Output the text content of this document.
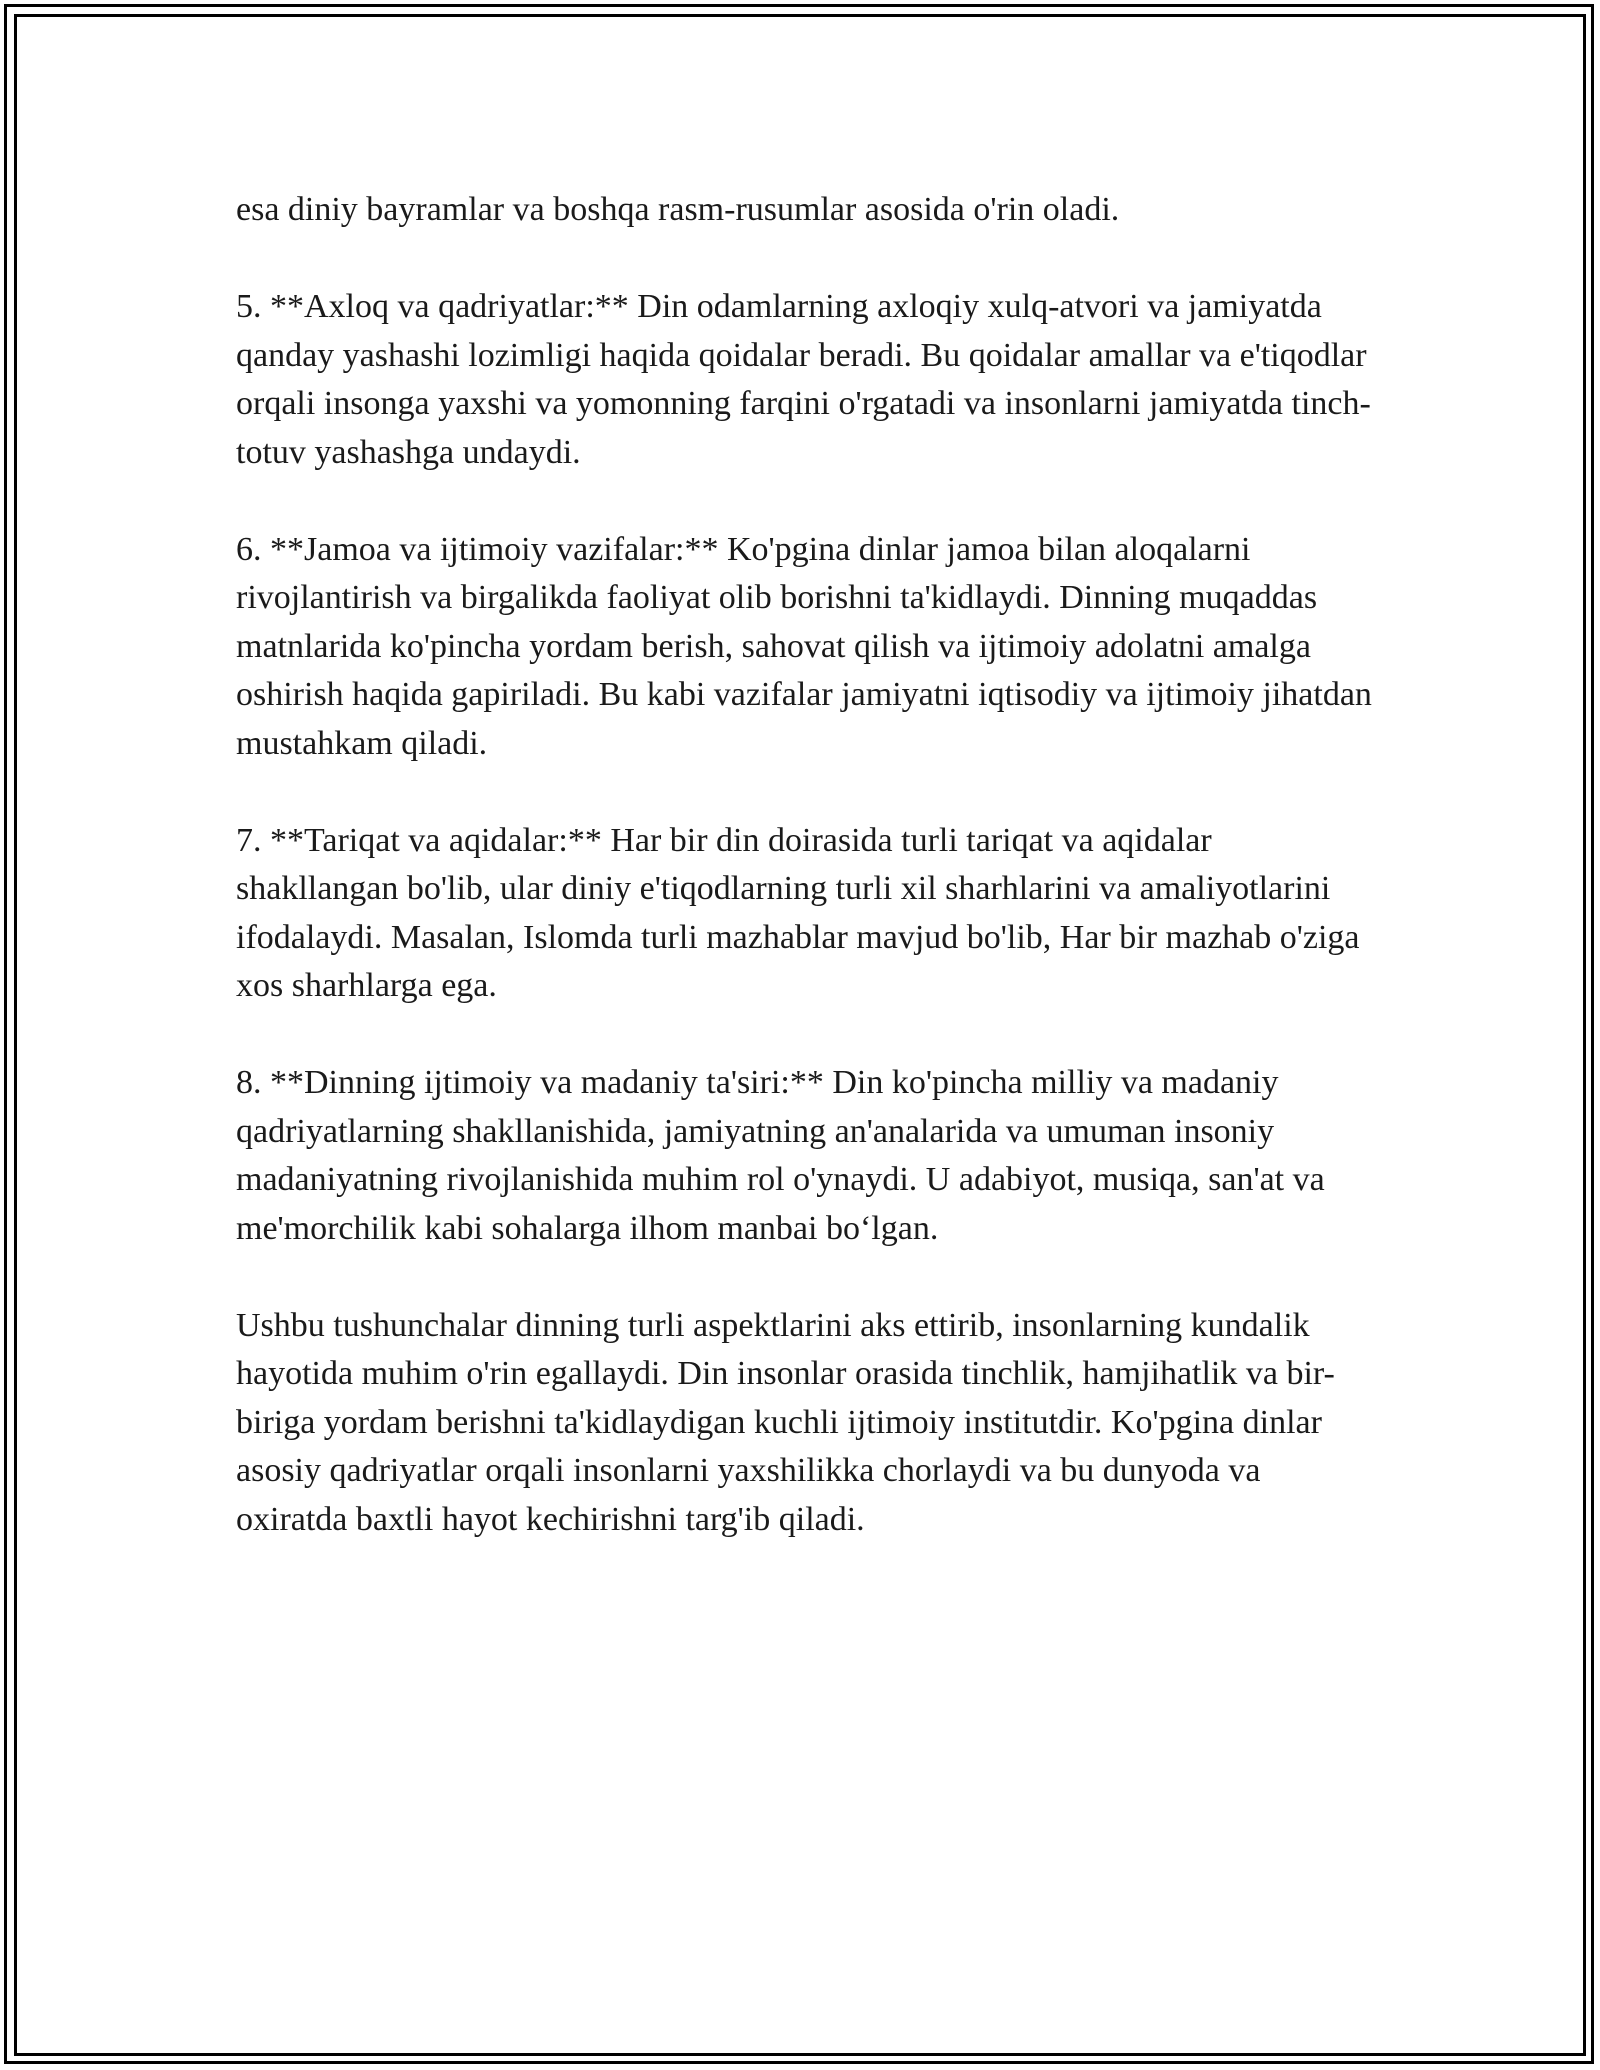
esa diniy bayramlar va boshqa rasm-rusumlar asosida o'rin oladi.

5. **Axloq va qadriyatlar:** Din odamlarning axloqiy xulq-atvori va jamiyatda qanday yashashi lozimligi haqida qoidalar beradi. Bu qoidalar amallar va e'tiqodlar orqali insonga yaxshi va yomonning farqini o'rgatadi va insonlarni jamiyatda tinch-totuv yashashga undaydi.

6. **Jamoa va ijtimoiy vazifalar:** Ko'pgina dinlar jamoa bilan aloqalarni rivojlantirish va birgalikda faoliyat olib borishni ta'kidlaydi. Dinning muqaddas matnlarida ko'pincha yordam berish, sahovat qilish va ijtimoiy adolatni amalga oshirish haqida gapiriladi. Bu kabi vazifalar jamiyatni iqtisodiy va ijtimoiy jihatdan mustahkam qiladi.

7. **Tariqat va aqidalar:** Har bir din doirasida turli tariqat va aqidalar shakllangan bo'lib, ular diniy e'tiqodlarning turli xil sharhlarini va amaliyotlarini ifodalaydi. Masalan, Islomda turli mazhablar mavjud bo'lib, Har bir mazhab o'ziga xos sharhlarga ega.

8. **Dinning ijtimoiy va madaniy ta'siri:** Din ko'pincha milliy va madaniy qadriyatlarning shakllanishida, jamiyatning an'analarida va umuman insoniy madaniyatning rivojlanishida muhim rol o'ynaydi. U adabiyot, musiqa, san'at va me'morchilik kabi sohalarga ilhom manbai bo‘lgan.

Ushbu tushunchalar dinning turli aspektlarini aks ettirib, insonlarning kundalik hayotida muhim o'rin egallaydi. Din insonlar orasida tinchlik, hamjihatlik va bir-biriga yordam berishni ta'kidlaydigan kuchli ijtimoiy institutdir. Ko'pgina dinlar asosiy qadriyatlar orqali insonlarni yaxshilikka chorlaydi va bu dunyoda va oxiratda baxtli hayot kechirishni targ'ib qiladi.
